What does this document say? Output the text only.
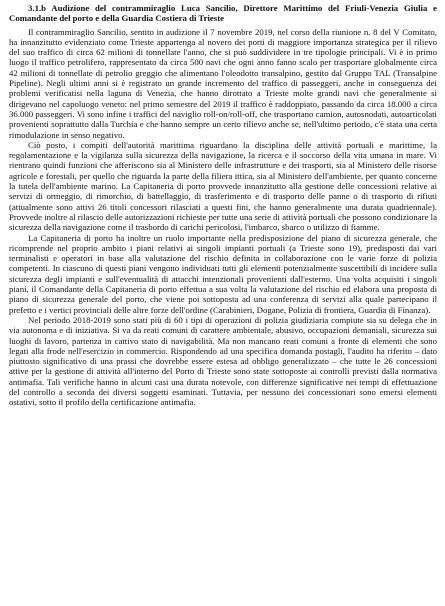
3.1.b Audizione del contrammiraglio Luca Sancilio, Direttore Marittimo del Friuli-Venezia Giulia e Comandante del porto e della Guardia Costiera di Trieste

Il contrammiraglio Sancilio, sentito in audizione il 7 novembre 2019, nel corso della riunione n. 8 del V Comitato, ha innanzitutto evidenziato come Trieste appartenga al novero dei porti di maggiore importanza strategica per il rilievo del suo traffico di circa 62 milioni di tonnellate l'anno, che si può suddividere in tre tipologie principali. Vi è in primo luogo il traffico petrolifero, rappresentato da circa 500 navi che ogni anno fanno scalo per trasportare globalmente circa 42 milioni di tonnellate di petrolio greggio che alimentano l'oleodotto transalpino, gestito dal Gruppo TAL (Transalpine Pipeline). Negli ultimi anni si è registrato un grande incremento del traffico di passeggeri, anche in conseguenza dei problemi verificatisi nella laguna di Venezia, che hanno dirottato a Trieste molte grandi navi che generalmente si dirigevano nel capoluogo veneto: nel primo semestre del 2019 il traffico è raddoppiato, passando da circa 18.000 a circa 36.000 passeggeri. Vi sono infine i traffici del naviglio roll-on/roll-off, che trasportano camion, autosnodati, autoarticolati provenienti soprattutto dalla Turchia e che hanno sempre un certo rilievo anche se, nell'ultimo periodo, c'è stata una certa rimodulazione in senso negativo.

Ciò posto, i compiti dell'autorità marittima riguardano la disciplina delle attività portuali e marittime, la regolamentazione e la vigilanza sulla sicurezza della navigazione, la ricerca e il soccorso della vita umana in mare. Vi rientrano quindi funzioni che afferiscono sia al Ministero delle infrastrutture e dei trasporti, sia al Ministero delle risorse agricole e forestali, per quello che riguarda la parte della filiera ittica, sia al Ministero dell'ambiente, per quanto concerne la tutela dell'ambiente marino. La Capitaneria di porto provvede innanzitutto alla gestione delle concessioni relative ai servizi di ormeggio, di rimorchio, di battellaggio, di trasferimento e di trasporto delle panne o di trasporto di rifiuti (attualmente sono attivi 26 titoli concessori rilasciati a questi fini, che hanno generalmente una durata quadriennale). Provvede inoltre al rilascio delle autorizzazioni richieste per tutte una serie di attività portuali che possono condizionare la sicurezza della navigazione come il trasbordo di carichi pericolosi, l'imbarco, sbarco o utilizzo di fiamme.

La Capitaneria di porto ha inoltre un ruolo importante nella predisposizione del piano di sicurezza generale, che ricomprende nel proprio ambito i piani relativi ai singoli impianti portuali (a Trieste sono 19), predisposti dai vari terminalisti e operatori in base alla valutazione del rischio definita in collaborazione con le varie forze di polizia competenti. In ciascuno di questi piani vengono individuati tutti gli elementi potenzialmente suscettibili di incidere sulla sicurezza degli impianti e sull'eventualità di attacchi intenzionali provenienti dall'esterno. Una volta acquisiti i singoli piani, il Comandante della Capitaneria di porto effettua a sua volta la valutazione del rischio ed elabora una proposta di piano di sicurezza generale del porto, che viene poi sottoposta ad una conferenza di servizi alla quale partecipano il prefetto e i vertici provinciali delle altre forze dell'ordine (Carabinieri, Dogane, Polizia di frontiera, Guardia di Finanza).

Nel periodo 2018-2019 sono stati più di 60 i tipi di operazioni di polizia giudiziaria compiute sia su delega che in via autonoma e di iniziativa. Si va da reati comuni di carattere ambientale, abusivo, occupazioni demaniali, sicurezza sui luoghi di lavoro, partenza in cattivo stato di navigabilità. Ma non mancano reati comuni a fronte di elementi che sono legati alla frode nell'esercizio in commercio. Rispondendo ad una specifica domanda postagli, l'audito ha riferito – dato piuttosto significativo di una prassi che dovrebbe essere estesa ad obbligo generalizzato – che tutte le 26 concessioni attive per la gestione di attività all'interno del Porto di Trieste sono state sottoposte ai controlli previsti dalla normativa antimafia. Tali verifiche hanno in alcuni casi una durata notevole, con differenze significative nei tempi di effettuazione del controllo a seconda dei diversi soggetti esaminati. Tuttavia, per nessuno dei concessionari sono emersi elementi ostativi, sotto il profilo della certificazione antimafia.
